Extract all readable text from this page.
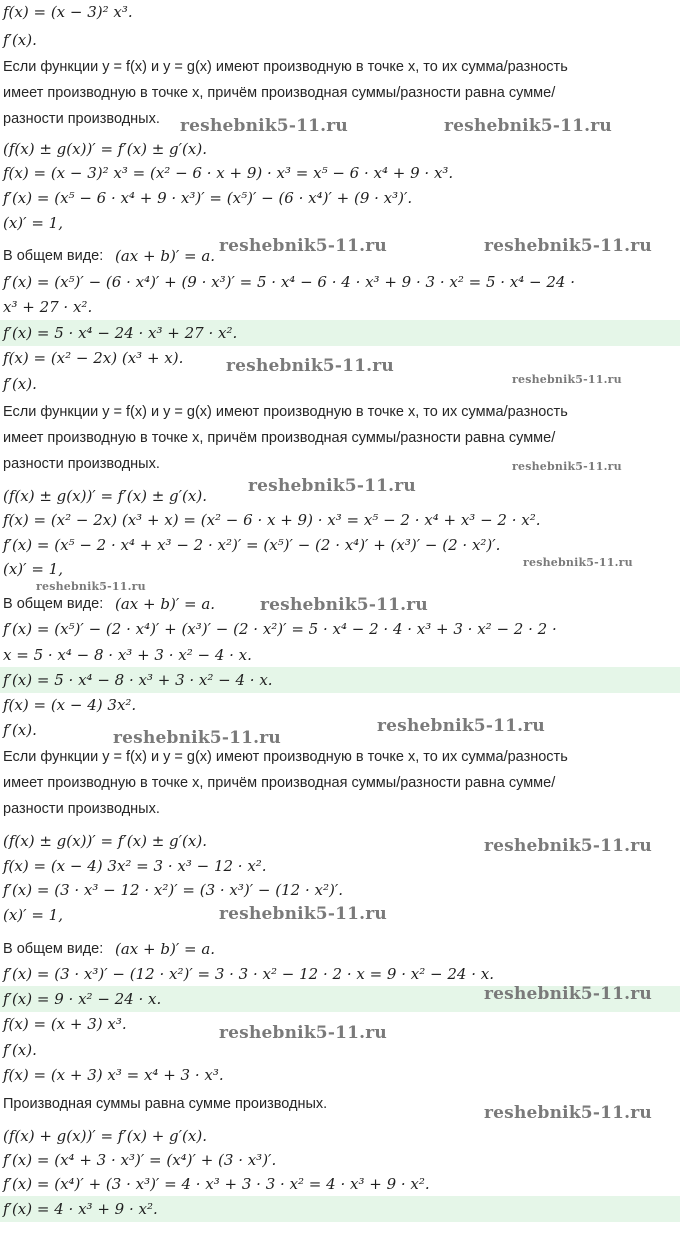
f(x) = (x − 3)² x³.
f′(x).
Если функции y = f(x) и y = g(x) имеют производную в точке x, то их сумма/разность
имеет производную в точке x, причём производная суммы/разности равна сумме/
разности производных.
(f(x) ± g(x))′ = f′(x) ± g′(x).
f(x) = (x − 3)² x³ = (x² − 6 · x + 9) · x³ = x⁵ − 6 · x⁴ + 9 · x³.
f′(x) = (x⁵ − 6 · x⁴ + 9 · x³)′ = (x⁵)′ − (6 · x⁴)′ + (9 · x³)′.
(x)′ = 1,
В общем виде: (ax + b)′ = a.
f′(x) = (x⁵)′ − (6 · x⁴)′ + (9 · x³)′ = 5 · x⁴ − 6 · 4 · x³ + 9 · 3 · x² = 5 · x⁴ − 24 ·
x³ + 27 · x².
f′(x) = 5 · x⁴ − 24 · x³ + 27 · x².
f(x) = (x² − 2x) (x³ + x).
f′(x).
Если функции y = f(x) и y = g(x) имеют производную в точке x, то их сумма/разность
имеет производную в точке x, причём производная суммы/разности равна сумме/
разности производных.
(f(x) ± g(x))′ = f′(x) ± g′(x).
f(x) = (x² − 2x) (x³ + x) = (x² − 6 · x + 9) · x³ = x⁵ − 2 · x⁴ + x³ − 2 · x².
f′(x) = (x⁵ − 2 · x⁴ + x³ − 2 · x²)′ = (x⁵)′ − (2 · x⁴)′ + (x³)′ − (2 · x²)′.
(x)′ = 1,
В общем виде: (ax + b)′ = a.
f′(x) = (x⁵)′ − (2 · x⁴)′ + (x³)′ − (2 · x²)′ = 5 · x⁴ − 2 · 4 · x³ + 3 · x² − 2 · 2 ·
x = 5 · x⁴ − 8 · x³ + 3 · x² − 4 · x.
f′(x) = 5 · x⁴ − 8 · x³ + 3 · x² − 4 · x.
f(x) = (x − 4) 3x².
f′(x).
Если функции y = f(x) и y = g(x) имеют производную в точке x, то их сумма/разность
имеет производную в точке x, причём производная суммы/разности равна сумме/
разности производных.
(f(x) ± g(x))′ = f′(x) ± g′(x).
f(x) = (x − 4) 3x² = 3 · x³ − 12 · x².
f′(x) = (3 · x³ − 12 · x²)′ = (3 · x³)′ − (12 · x²)′.
(x)′ = 1,
В общем виде: (ax + b)′ = a.
f′(x) = (3 · x³)′ − (12 · x²)′ = 3 · 3 · x² − 12 · 2 · x = 9 · x² − 24 · x.
f′(x) = 9 · x² − 24 · x.
f(x) = (x + 3) x³.
f′(x).
f(x) = (x + 3) x³ = x⁴ + 3 · x³.
Производная суммы равна сумме производных.
(f(x) + g(x))′ = f′(x) + g′(x).
f′(x) = (x⁴ + 3 · x³)′ = (x⁴)′ + (3 · x³)′.
f′(x) = (x⁴)′ + (3 · x³)′ = 4 · x³ + 3 · 3 · x² = 4 · x³ + 9 · x².
f′(x) = 4 · x³ + 9 · x².
reshebnik5-11.ru	reshebnik5-11.ru
reshebnik5-11.ru	reshebnik5-11.ru
reshebnik5-11.ru
reshebnik5-11.ru
reshebnik5-11.ru
reshebnik5-11.ru
reshebnik5-11.ru
reshebnik5-11.ru
reshebnik5-11.ru
reshebnik5-11.ru
reshebnik5-11.ru
reshebnik5-11.ru
reshebnik5-11.ru
reshebnik5-11.ru
reshebnik5-11.ru
reshebnik5-11.ru
